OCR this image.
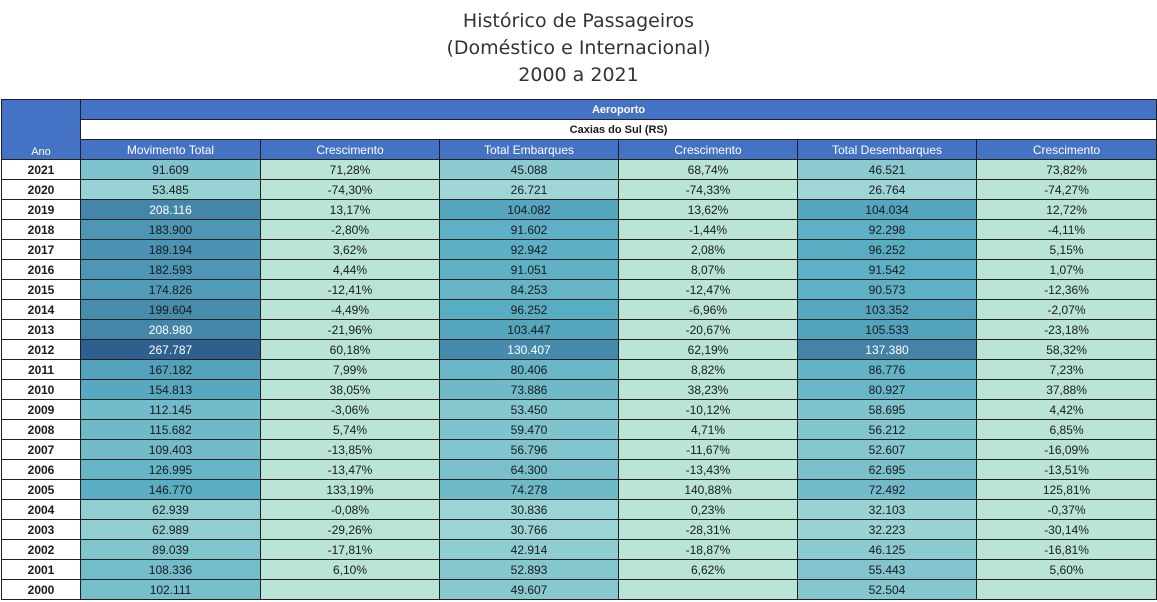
Histórico de Passageiros
(Doméstico e Internacional)
2000 a 2021
Ano	Aeroporto					
	Caxias do Sul (RS)					
	Movimento Total	Crescimento	Total Embarques	Crescimento	Total Desembarques	Crescimento
2021	91.609	71,28%	45.088	68,74%	46.521	73,82%
2020	53.485	-74,30%	26.721	-74,33%	26.764	-74,27%
2019	208.116	13,17%	104.082	13,62%	104.034	12,72%
2018	183.900	-2,80%	91.602	-1,44%	92.298	-4,11%
2017	189.194	3,62%	92.942	2,08%	96.252	5,15%
2016	182.593	4,44%	91.051	8,07%	91.542	1,07%
2015	174.826	-12,41%	84.253	-12,47%	90.573	-12,36%
2014	199.604	-4,49%	96.252	-6,96%	103.352	-2,07%
2013	208.980	-21,96%	103.447	-20,67%	105.533	-23,18%
2012	267.787	60,18%	130.407	62,19%	137.380	58,32%
2011	167.182	7,99%	80.406	8,82%	86.776	7,23%
2010	154.813	38,05%	73.886	38,23%	80.927	37,88%
2009	112.145	-3,06%	53.450	-10,12%	58.695	4,42%
2008	115.682	5,74%	59.470	4,71%	56.212	6,85%
2007	109.403	-13,85%	56.796	-11,67%	52.607	-16,09%
2006	126.995	-13,47%	64.300	-13,43%	62.695	-13,51%
2005	146.770	133,19%	74.278	140,88%	72.492	125,81%
2004	62.939	-0,08%	30.836	0,23%	32.103	-0,37%
2003	62.989	-29,26%	30.766	-28,31%	32.223	-30,14%
2002	89.039	-17,81%	42.914	-18,87%	46.125	-16,81%
2001	108.336	6,10%	52.893	6,62%	55.443	5,60%
2000	102.111		49.607		52.504	
